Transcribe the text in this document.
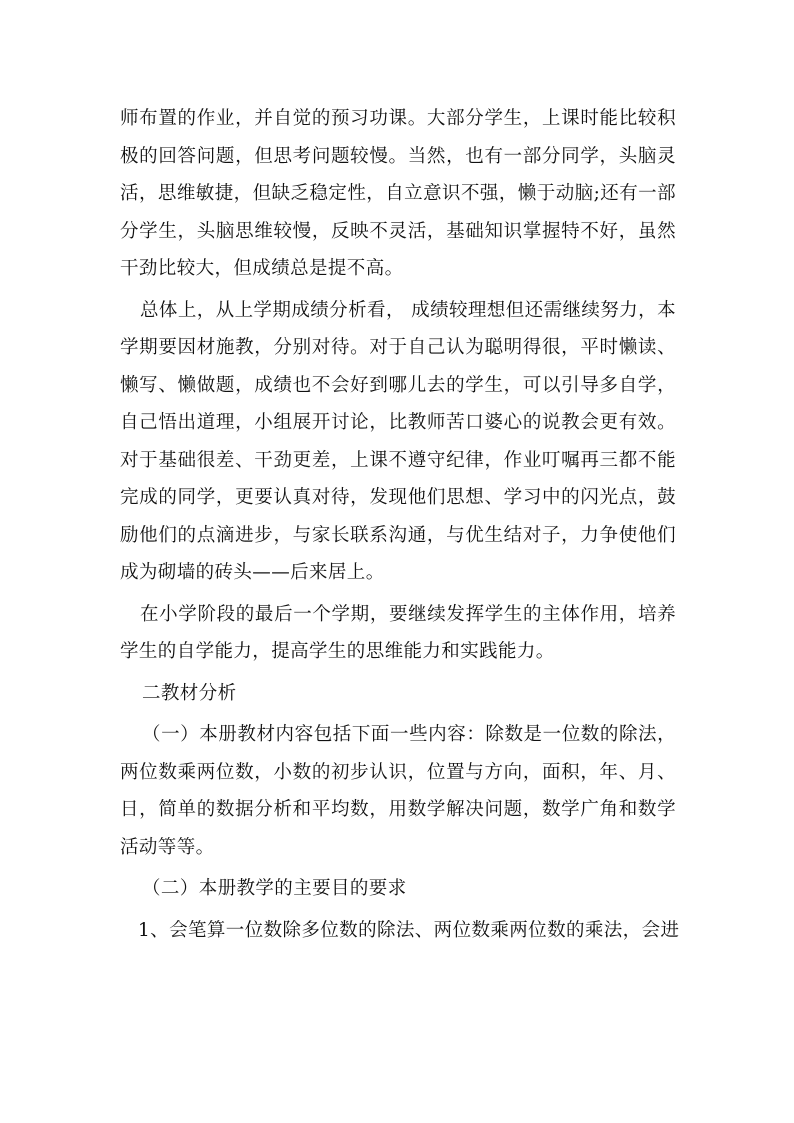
师布置的作业，并自觉的预习功课。大部分学生，上课时能比较积极的回答问题，但思考问题较慢。当然，也有一部分同学，头脑灵活，思维敏捷，但缺乏稳定性，自立意识不强，懒于动脑;还有一部分学生，头脑思维较慢，反映不灵活，基础知识掌握特不好，虽然干劲比较大，但成绩总是提不高。

总体上，从上学期成绩分析看， 成绩较理想但还需继续努力，本学期要因材施教，分别对待。对于自己认为聪明得很，平时懒读、懒写、懒做题，成绩也不会好到哪儿去的学生，可以引导多自学，自己悟出道理，小组展开讨论，比教师苦口婆心的说教会更有效。对于基础很差、干劲更差，上课不遵守纪律，作业叮嘱再三都不能完成的同学，更要认真对待，发现他们思想、学习中的闪光点，鼓励他们的点滴进步，与家长联系沟通，与优生结对子，力争使他们成为砌墙的砖头——后来居上。

在小学阶段的最后一个学期，要继续发挥学生的主体作用，培养学生的自学能力，提高学生的思维能力和实践能力。

二教材分析

（一）本册教材内容包括下面一些内容：除数是一位数的除法，两位数乘两位数，小数的初步认识，位置与方向，面积，年、月、日，简单的数据分析和平均数，用数学解决问题，数学广角和数学活动等等。

（二）本册教学的主要目的要求

1、会笔算一位数除多位数的除法、两位数乘两位数的乘法，会进
